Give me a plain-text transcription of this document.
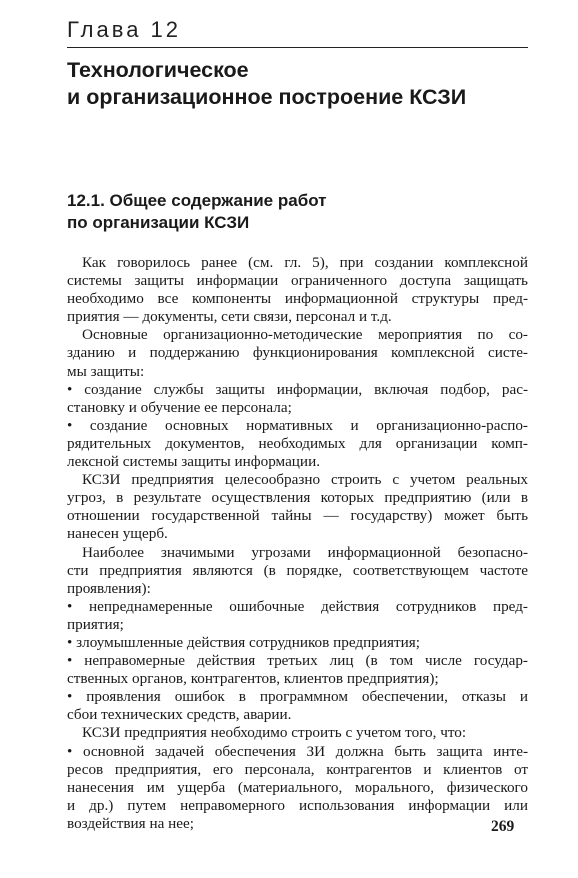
Глава 12
Технологическое
и организационное построение КСЗИ
12.1. Общее содержание работ
по организации КСЗИ
Как говорилось ранее (см. гл. 5), при создании комплексной
системы защиты информации ограниченного доступа защищать
необходимо все компоненты информационной структуры пред-
приятия — документы, сети связи, персонал и т.д.
Основные организационно-методические мероприятия по со-
зданию и поддержанию функционирования комплексной систе-
мы защиты:
• создание службы защиты информации, включая подбор, рас-
становку и обучение ее персонала;
• создание основных нормативных и организационно-распо-
рядительных документов, необходимых для организации комп-
лексной системы защиты информации.
КСЗИ предприятия целесообразно строить с учетом реальных
угроз, в результате осуществления которых предприятию (или в
отношении государственной тайны — государству) может быть
нанесен ущерб.
Наиболее значимыми угрозами информационной безопасно-
сти предприятия являются (в порядке, соответствующем частоте
проявления):
• непреднамеренные ошибочные действия сотрудников пред-
приятия;
• злоумышленные действия сотрудников предприятия;
• неправомерные действия третьих лиц (в том числе государ-
ственных органов, контрагентов, клиентов предприятия);
• проявления ошибок в программном обеспечении, отказы и
сбои технических средств, аварии.
КСЗИ предприятия необходимо строить с учетом того, что:
• основной задачей обеспечения ЗИ должна быть защита инте-
ресов предприятия, его персонала, контрагентов и клиентов от
нанесения им ущерба (материального, морального, физического
и др.) путем неправомерного использования информации или
воздействия на нее;	269
